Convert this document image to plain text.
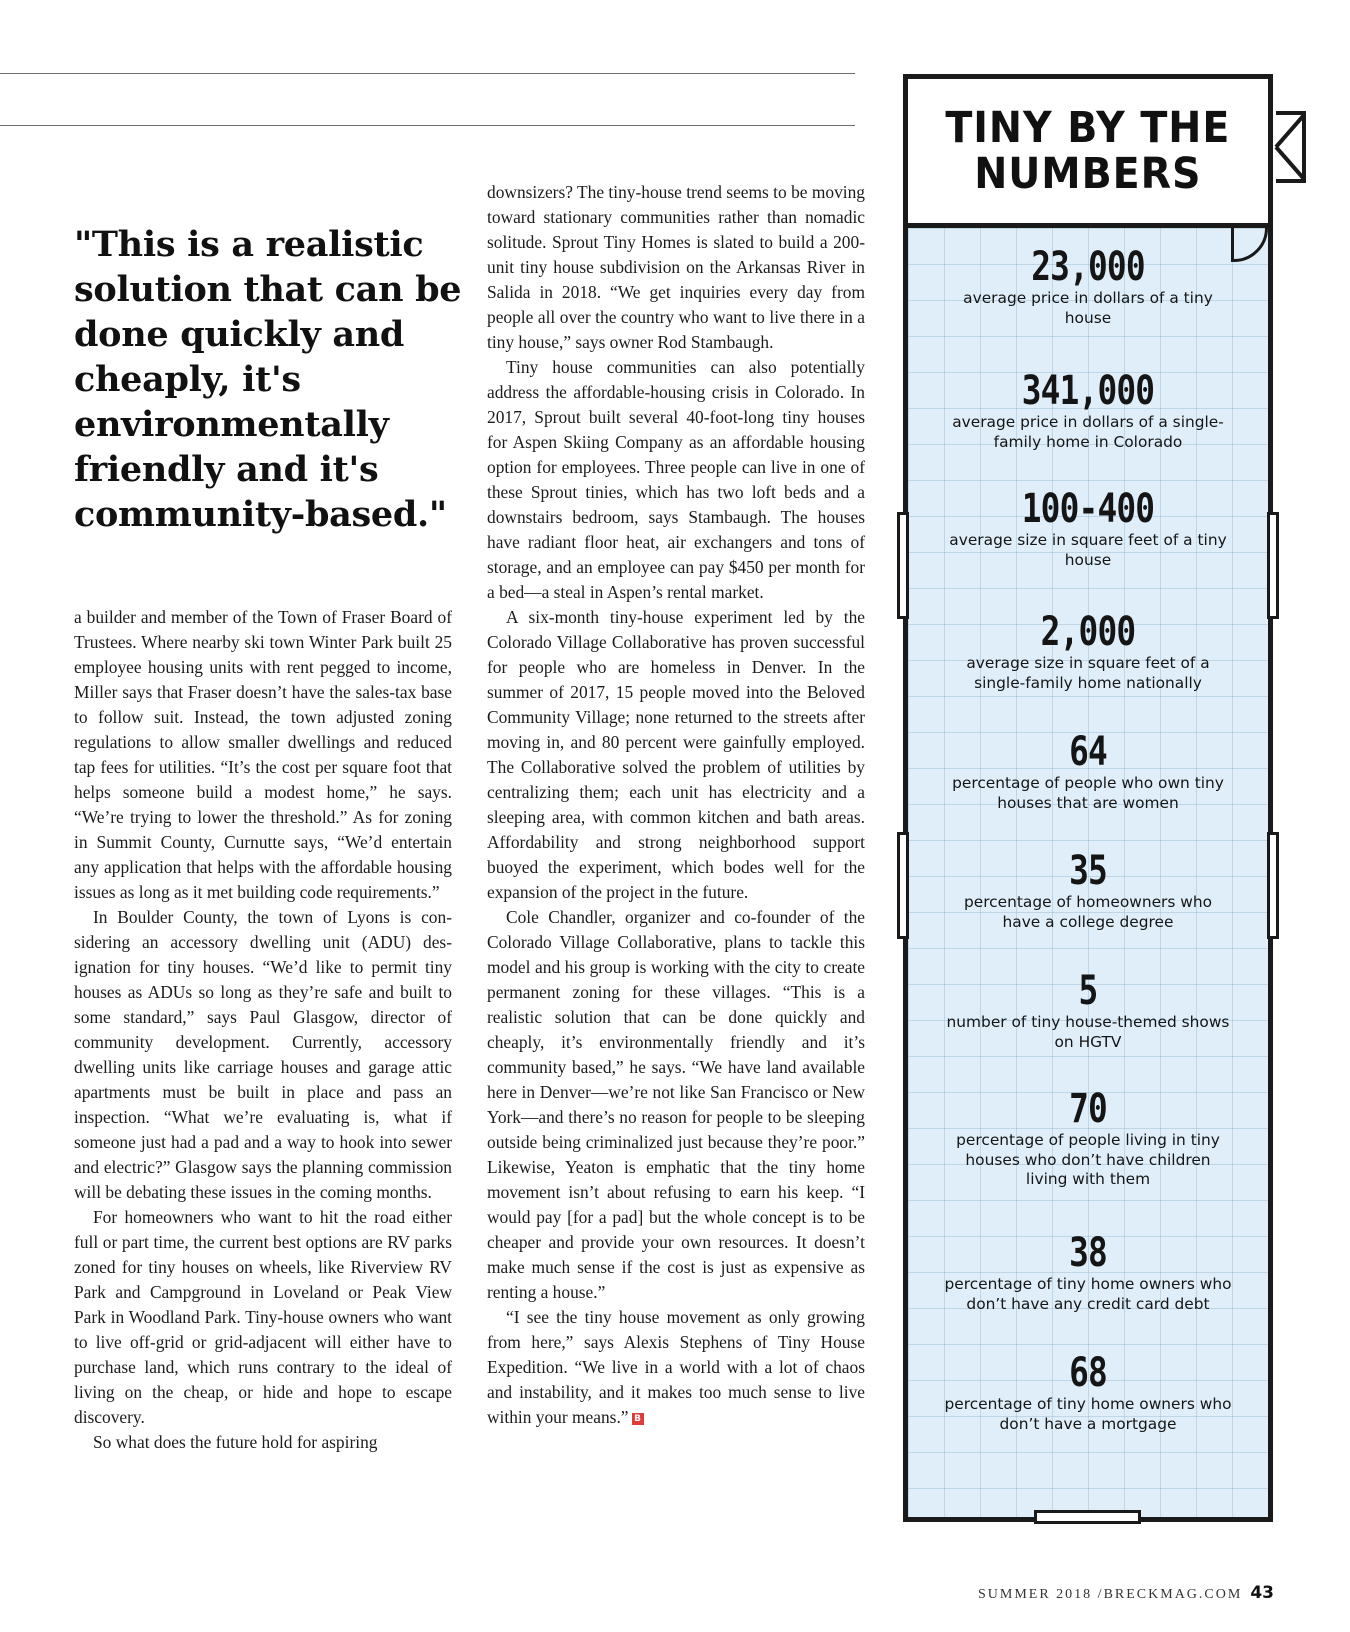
"This is a realistic solution that can be done quickly and cheaply, it's environmentally friendly and it's community-based."

a builder and member of the Town of Fraser Board of Trustees. Where nearby ski town Winter Park built 25 employee housing units with rent pegged to income, Miller says that Fraser doesn’t have the sales-tax base to follow suit. Instead, the town adjusted zoning regulations to allow smaller dwellings and reduced tap fees for utilities. “It’s the cost per square foot that helps someone build a modest home,” he says. “We’re trying to lower the threshold.” As for zoning in Summit County, Curnutte says, “We’d entertain any application that helps with the affordable housing issues as long as it met building code requirements.”

In Boulder County, the town of Lyons is considering an accessory dwelling unit (ADU) designation for tiny houses. “We’d like to permit tiny houses as ADUs so long as they’re safe and built to some standard,” says Paul Glasgow, director of community development. Currently, accessory dwelling units like carriage houses and garage attic apartments must be built in place and pass an inspection. “What we’re evaluating is, what if someone just had a pad and a way to hook into sewer and electric?” Glasgow says the planning commission will be debating these issues in the coming months.

For homeowners who want to hit the road either full or part time, the current best options are RV parks zoned for tiny houses on wheels, like Riverview RV Park and Campground in Loveland or Peak View Park in Woodland Park. Tiny-house owners who want to live off-grid or grid-adjacent will either have to purchase land, which runs contrary to the ideal of living on the cheap, or hide and hope to escape discovery.

So what does the future hold for aspiring

downsizers? The tiny-house trend seems to be moving toward stationary communities rather than nomadic solitude. Sprout Tiny Homes is slated to build a 200-unit tiny house subdivision on the Arkansas River in Salida in 2018. “We get inquiries every day from people all over the country who want to live there in a tiny house,” says owner Rod Stambaugh.

Tiny house communities can also potentially address the affordable-housing crisis in Colorado. In 2017, Sprout built several 40-foot-long tiny houses for Aspen Skiing Company as an affordable housing option for employees. Three people can live in one of these Sprout tinies, which has two loft beds and a downstairs bedroom, says Stambaugh. The houses have radiant floor heat, air exchangers and tons of storage, and an employee can pay $450 per month for a bed—a steal in Aspen’s rental market.

A six-month tiny-house experiment led by the Colorado Village Collaborative has proven successful for people who are homeless in Denver. In the summer of 2017, 15 people moved into the Beloved Community Village; none returned to the streets after moving in, and 80 percent were gainfully employed. The Collaborative solved the problem of utilities by centralizing them; each unit has electricity and a sleeping area, with common kitchen and bath areas. Affordability and strong neighborhood support buoyed the experiment, which bodes well for the expansion of the project in the future.

Cole Chandler, organizer and co-founder of the Colorado Village Collaborative, plans to tackle this model and his group is working with the city to create permanent zoning for these villages. “This is a realistic solution that can be done quickly and cheaply, it’s environmentally friendly and it’s community based,” he says. “We have land available here in Denver—we’re not like San Francisco or New York—and there’s no reason for people to be sleeping outside being criminalized just because they’re poor.” Likewise, Yeaton is emphatic that the tiny home movement isn’t about refusing to earn his keep. “I would pay [for a pad] but the whole concept is to be cheaper and provide your own resources. It doesn’t make much sense if the cost is just as expensive as renting a house.”

“I see the tiny house movement as only growing from here,” says Alexis Stephens of Tiny House Expedition. “We live in a world with a lot of chaos and instability, and it makes too much sense to live within your means.” B

TINY BY THE
NUMBERS
23,000
average price in dollars of a tiny house
341,000
average price in dollars of a single-family home in Colorado
100-400
average size in square feet of a tiny house
2,000
average size in square feet of a single-family home nationally
64
percentage of people who own tiny houses that are women
35
percentage of homeowners who have a college degree
5
number of tiny house-themed shows on HGTV
70
percentage of people living in tiny houses who don’t have children living with them
38
percentage of tiny home owners who don’t have any credit card debt
68
percentage of tiny home owners who don’t have a mortgage
SUMMER 2018 /BRECKMAG.COM 43
